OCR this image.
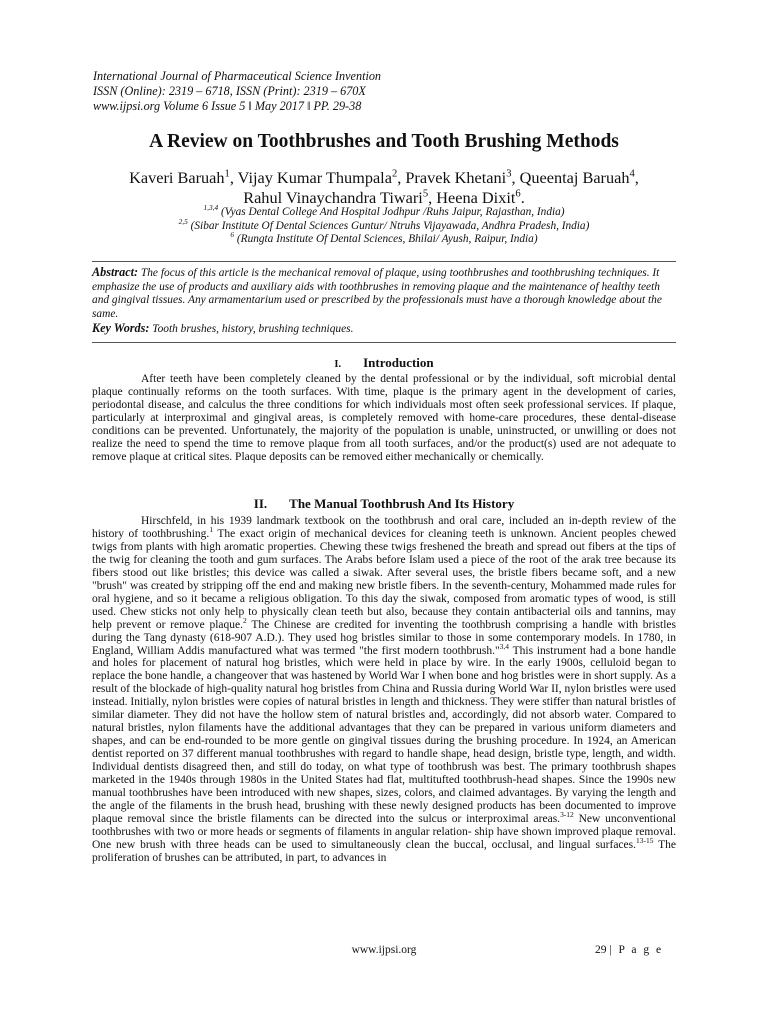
International Journal of Pharmaceutical Science Invention
ISSN (Online): 2319 – 6718, ISSN (Print): 2319 – 670X
www.ijpsi.org Volume 6 Issue 5 ǁ May 2017 ǁ PP. 29-38
A Review on Toothbrushes and Tooth Brushing Methods
Kaveri Baruah$^1$, Vijay Kumar Thumpala$^2$, Pravek Khetani$^3$, Queentaj Baruah$^4$,
Rahul Vinaychandra Tiwari$^5$, Heena Dixit$^6$.
$^{1,3,4}$ (Vyas Dental College And Hospital Jodhpur /Ruhs Jaipur, Rajasthan, India)
$^{2,5}$ (Sibar Institute Of Dental Sciences Guntur/ Ntruhs Vijayawada, Andhra Pradesh, India)
$^6$ (Rungta Institute Of Dental Sciences, Bhilai/ Ayush, Raipur, India)
Abstract: The focus of this article is the mechanical removal of plaque, using toothbrushes and toothbrushing techniques. It emphasize the use of products and auxiliary aids with toothbrushes in removing plaque and the maintenance of healthy teeth and gingival tissues. Any armamentarium used or prescribed by the professionals must have a thorough knowledge about the same.
Key Words: Tooth brushes, history, brushing techniques.
I. Introduction
After teeth have been completely cleaned by the dental professional or by the individual, soft microbial dental plaque continually reforms on the tooth surfaces. With time, plaque is the primary agent in the development of caries, periodontal disease, and calculus the three conditions for which individuals most often seek professional services. If plaque, particularly at interproximal and gingival areas, is completely removed with home-care procedures, these dental-disease conditions can be prevented. Unfortunately, the majority of the population is unable, uninstructed, or unwilling or does not realize the need to spend the time to remove plaque from all tooth surfaces, and/or the product(s) used are not adequate to remove plaque at critical sites. Plaque deposits can be removed either mechanically or chemically.
II. The Manual Toothbrush And Its History
Hirschfeld, in his 1939 landmark textbook on the toothbrush and oral care, included an in-depth review of the history of toothbrushing.$^1$ The exact origin of mechanical devices for cleaning teeth is unknown. Ancient peoples chewed twigs from plants with high aromatic properties. Chewing these twigs freshened the breath and spread out fibers at the tips of the twig for cleaning the tooth and gum surfaces. The Arabs before Islam used a piece of the root of the arak tree because its fibers stood out like bristles; this device was called a siwak. After several uses, the bristle fibers became soft, and a new "brush" was created by stripping off the end and making new bristle fibers. In the seventh-century, Mohammed made rules for oral hygiene, and so it became a religious obligation. To this day the siwak, composed from aromatic types of wood, is still used. Chew sticks not only help to physically clean teeth but also, because they contain antibacterial oils and tannins, may help prevent or remove plaque.$^2$ The Chinese are credited for inventing the toothbrush comprising a handle with bristles during the Tang dynasty (618-907 A.D.). They used hog bristles similar to those in some contemporary models. In 1780, in England, William Addis manufactured what was termed "the first modern toothbrush."$^{3,4}$ This instrument had a bone handle and holes for placement of natural hog bristles, which were held in place by wire. In the early 1900s, celluloid began to replace the bone handle, a changeover that was hastened by World War I when bone and hog bristles were in short supply. As a result of the blockade of high-quality natural hog bristles from China and Russia during World War II, nylon bristles were used instead. Initially, nylon bristles were copies of natural bristles in length and thickness. They were stiffer than natural bristles of similar diameter. They did not have the hollow stem of natural bristles and, accordingly, did not absorb water. Compared to natural bristles, nylon filaments have the additional advantages that they can be prepared in various uniform diameters and shapes, and can be end-rounded to be more gentle on gingival tissues during the brushing procedure. In 1924, an American dentist reported on 37 different manual toothbrushes with regard to handle shape, head design, bristle type, length, and width. Individual dentists disagreed then, and still do today, on what type of toothbrush was best. The primary toothbrush shapes marketed in the 1940s through 1980s in the United States had flat, multitufted toothbrush-head shapes. Since the 1990s new manual toothbrushes have been introduced with new shapes, sizes, colors, and claimed advantages. By varying the length and the angle of the filaments in the brush head, brushing with these newly designed products has been documented to improve plaque removal since the bristle filaments can be directed into the sulcus or interproximal areas.$^{3-12}$ New unconventional toothbrushes with two or more heads or segments of filaments in angular relation- ship have shown improved plaque removal. One new brush with three heads can be used to simultaneously clean the buccal, occlusal, and lingual surfaces.$^{13-15}$ The proliferation of brushes can be attributed, in part, to advances in
www.ijpsi.org	29 | P a g e
